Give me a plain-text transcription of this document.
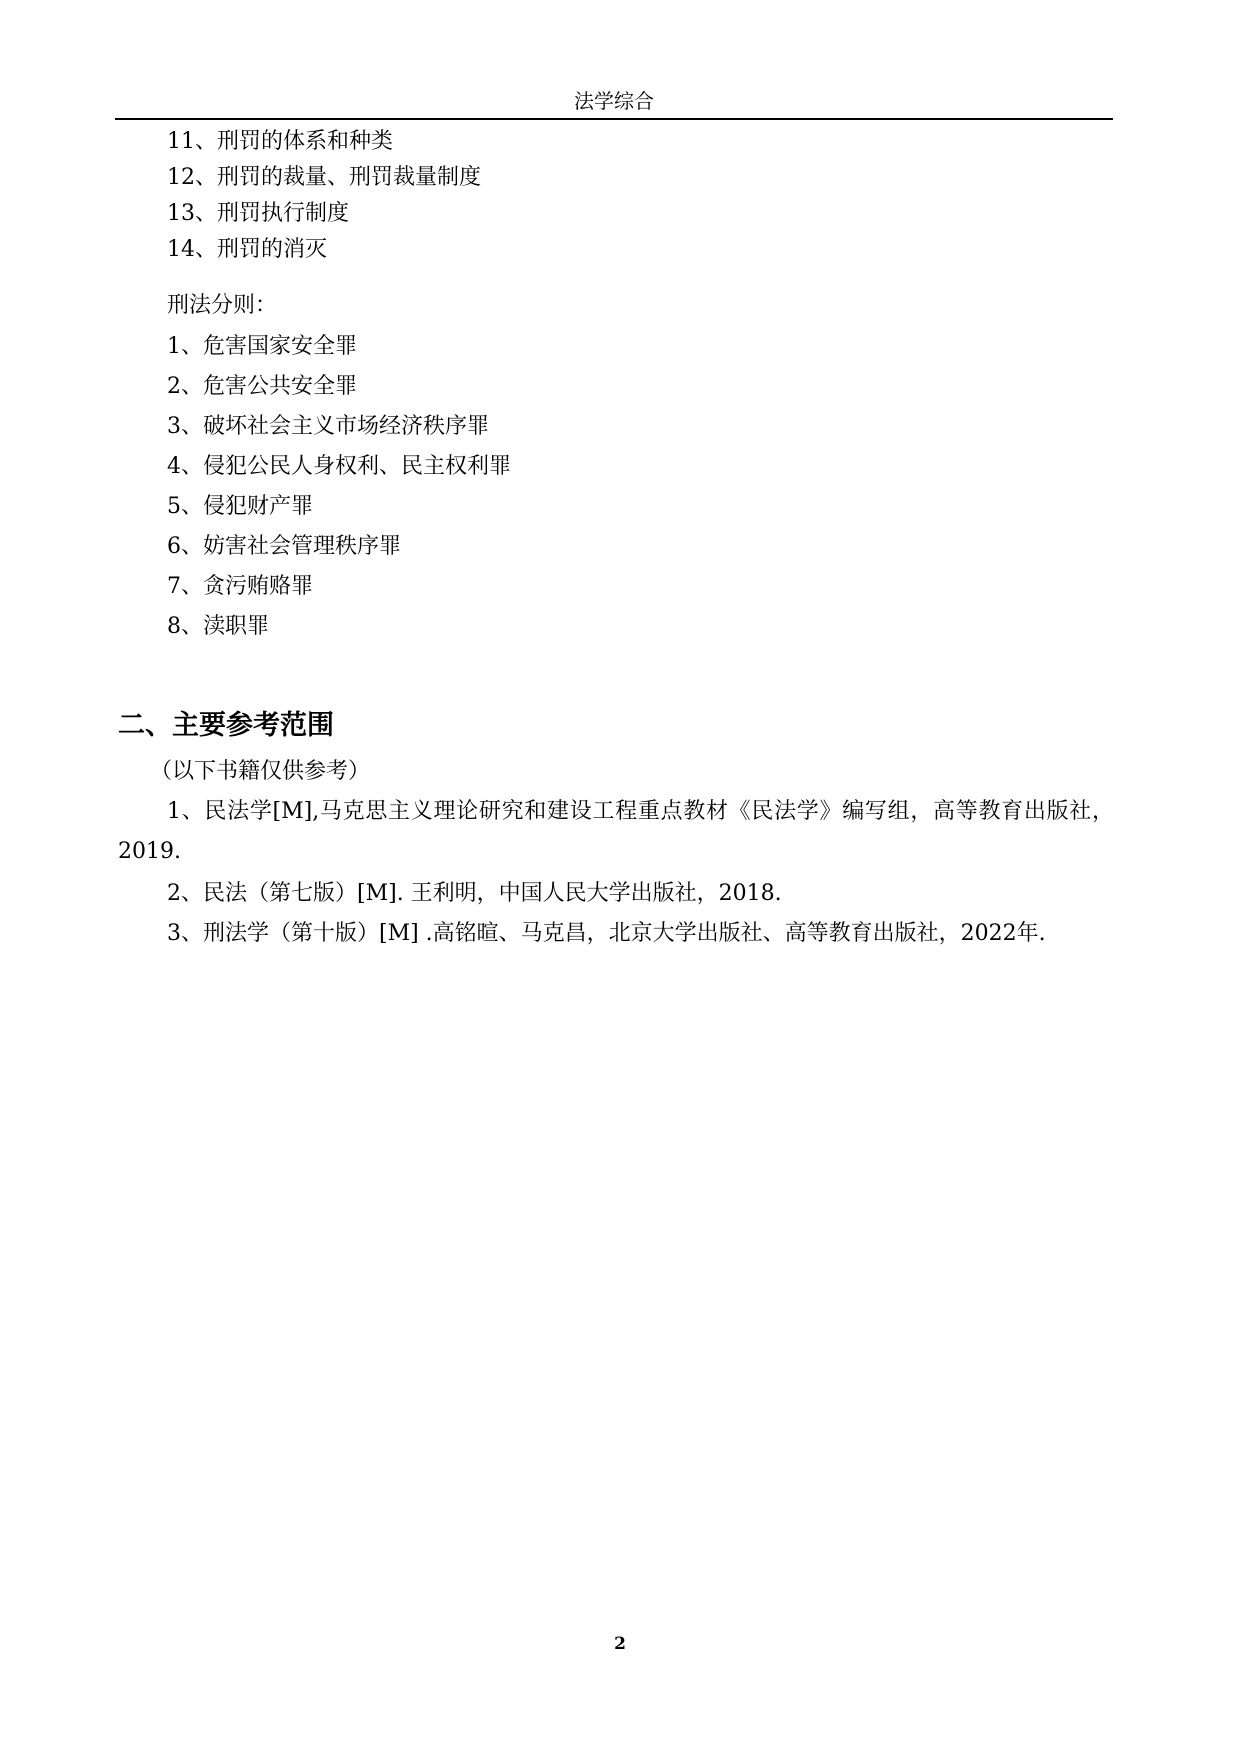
法学综合
11、刑罚的体系和种类
12、刑罚的裁量、刑罚裁量制度
13、刑罚执行制度
14、刑罚的消灭
刑法分则：
1、危害国家安全罪
2、危害公共安全罪
3、破坏社会主义市场经济秩序罪
4、侵犯公民人身权利、民主权利罪
5、侵犯财产罪
6、妨害社会管理秩序罪
7、贪污贿赂罪
8、渎职罪
二、主要参考范围
（以下书籍仅供参考）
1、民法学[M],马克思主义理论研究和建设工程重点教材《民法学》编写组，高等教育出版社，2019.
2、民法（第七版）[M]. 王利明，中国人民大学出版社，2018.
3、刑法学（第十版）[M] .高铭暄、马克昌，北京大学出版社、高等教育出版社，2022年.
2
